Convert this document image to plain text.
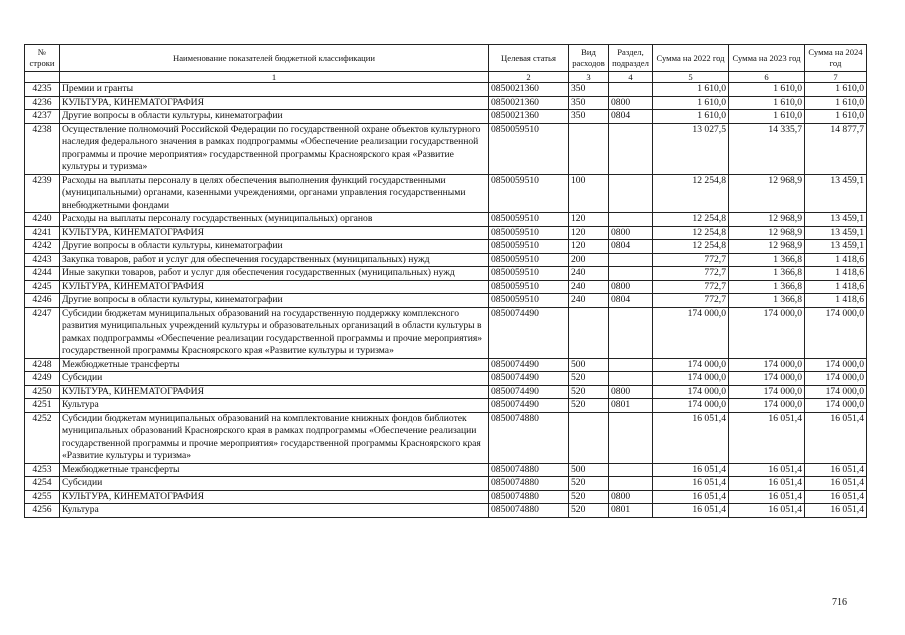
№ строки	Наименование показателей бюджетной классификации	Целевая статья	Вид расходов	Раздел, подраздел	Сумма на 2022 год	Сумма на 2023 год	Сумма на 2024 год
	1	2	3	4	5	6	7
4235	Премии и гранты	0850021360	350		1 610,0	1 610,0	1 610,0
4236	КУЛЬТУРА, КИНЕМАТОГРАФИЯ	0850021360	350	0800	1 610,0	1 610,0	1 610,0
4237	Другие вопросы в области культуры, кинематографии	0850021360	350	0804	1 610,0	1 610,0	1 610,0
4238	Осуществление полномочий Российской Федерации по государственной охране объектов культурного наследия федерального значения в рамках подпрограммы «Обеспечение реализации государственной программы и прочие мероприятия» государственной программы Красноярского края «Развитие культуры и туризма»	0850059510			13 027,5	14 335,7	14 877,7
4239	Расходы на выплаты персоналу в целях обеспечения выполнения функций государственными (муниципальными) органами, казенными учреждениями, органами управления государственными внебюджетными фондами	0850059510	100		12 254,8	12 968,9	13 459,1
4240	Расходы на выплаты персоналу государственных (муниципальных) органов	0850059510	120		12 254,8	12 968,9	13 459,1
4241	КУЛЬТУРА, КИНЕМАТОГРАФИЯ	0850059510	120	0800	12 254,8	12 968,9	13 459,1
4242	Другие вопросы в области культуры, кинематографии	0850059510	120	0804	12 254,8	12 968,9	13 459,1
4243	Закупка товаров, работ и услуг для обеспечения государственных (муниципальных) нужд	0850059510	200		772,7	1 366,8	1 418,6
4244	Иные закупки товаров, работ и услуг для обеспечения государственных (муниципальных) нужд	0850059510	240		772,7	1 366,8	1 418,6
4245	КУЛЬТУРА, КИНЕМАТОГРАФИЯ	0850059510	240	0800	772,7	1 366,8	1 418,6
4246	Другие вопросы в области культуры, кинематографии	0850059510	240	0804	772,7	1 366,8	1 418,6
4247	Субсидии бюджетам муниципальных образований на государственную поддержку комплексного развития муниципальных учреждений культуры и образовательных организаций в области культуры в рамках подпрограммы «Обеспечение реализации государственной программы и прочие мероприятия» государственной программы Красноярского края «Развитие культуры и туризма»	0850074490			174 000,0	174 000,0	174 000,0
4248	Межбюджетные трансферты	0850074490	500		174 000,0	174 000,0	174 000,0
4249	Субсидии	0850074490	520		174 000,0	174 000,0	174 000,0
4250	КУЛЬТУРА, КИНЕМАТОГРАФИЯ	0850074490	520	0800	174 000,0	174 000,0	174 000,0
4251	Культура	0850074490	520	0801	174 000,0	174 000,0	174 000,0
4252	Субсидии бюджетам муниципальных образований на комплектование книжных фондов библиотек муниципальных образований Красноярского края в рамках подпрограммы «Обеспечение реализации государственной программы и прочие мероприятия» государственной программы Красноярского края «Развитие культуры и туризма»	0850074880			16 051,4	16 051,4	16 051,4
4253	Межбюджетные трансферты	0850074880	500		16 051,4	16 051,4	16 051,4
4254	Субсидии	0850074880	520		16 051,4	16 051,4	16 051,4
4255	КУЛЬТУРА, КИНЕМАТОГРАФИЯ	0850074880	520	0800	16 051,4	16 051,4	16 051,4
4256	Культура	0850074880	520	0801	16 051,4	16 051,4	16 051,4
716
